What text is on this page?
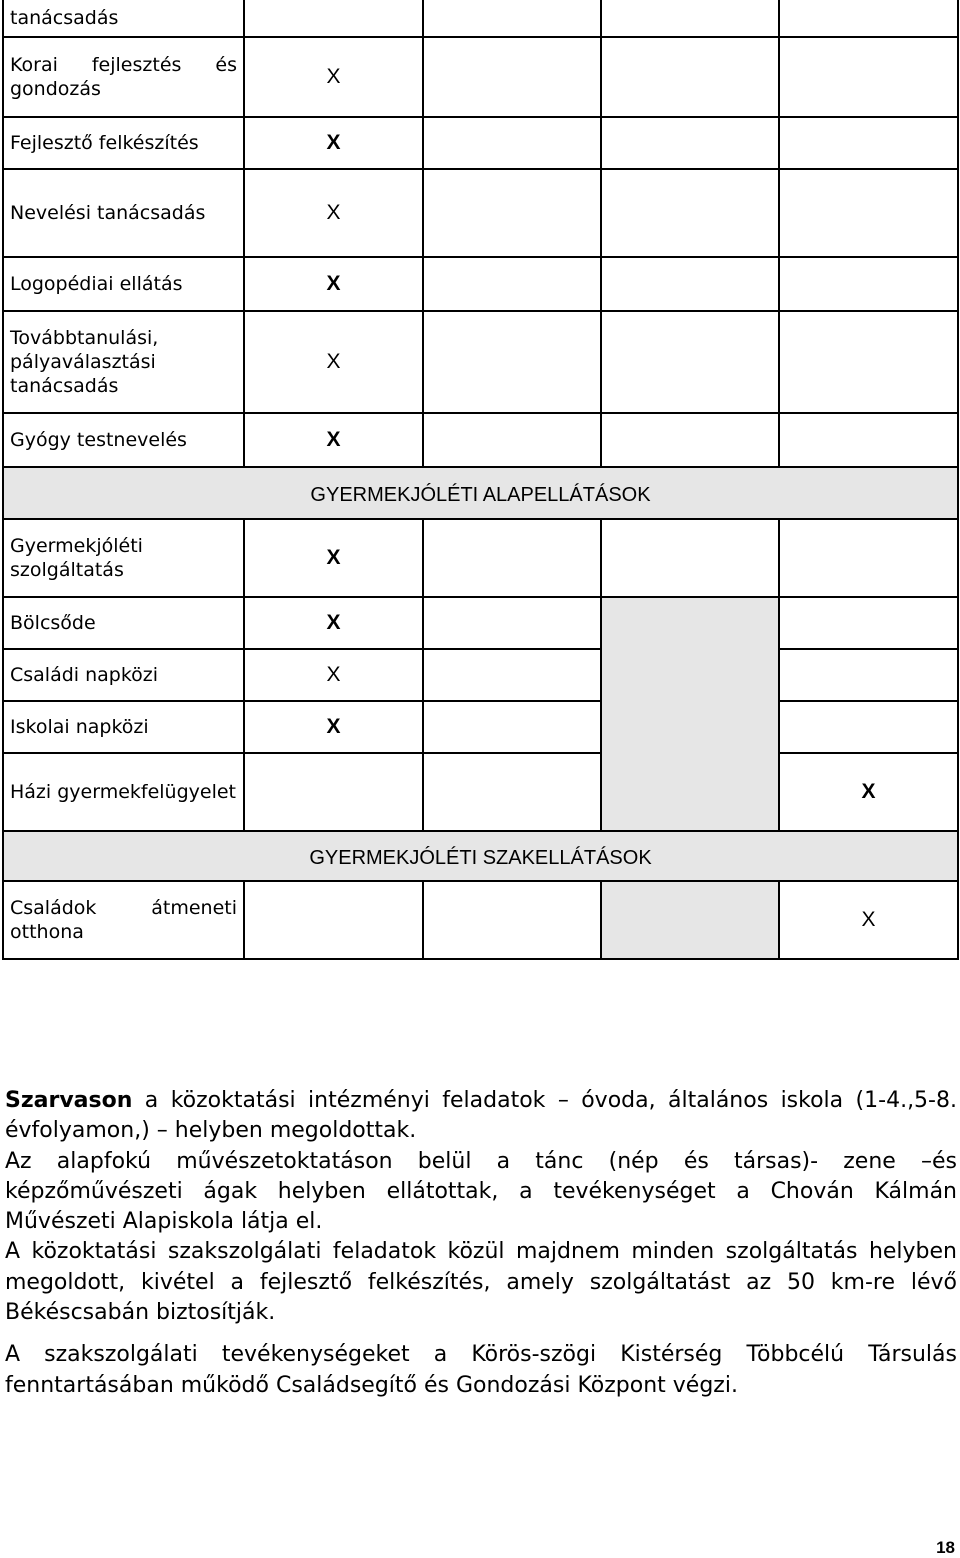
tanácsadás				
Korai fejlesztés és gondozás	X			
Fejlesztő felkészítés	X			
Nevelési tanácsadás	X			
Logopédiai ellátás	X			
Továbbtanulási, pályaválasztási tanácsadás	X			
Gyógy testnevelés	X			
GYERMEKJÓLÉTI ALAPELLÁTÁSOK				
Gyermekjóléti szolgáltatás	X			
Bölcsőde	X			
Családi napközi	X			
Iskolai napközi	X			
Házi gyermekfelügyelet				X
GYERMEKJÓLÉTI SZAKELLÁTÁSOK				

Családok átmeneti
otthona				X

Szarvason a közoktatási intézményi feladatok – óvoda, általános iskola (1-4.,5-8. évfolyamon,) – helyben megoldottak.

Az alapfokú művészetoktatáson belül a tánc (nép és társas)- zene –és képzőművészeti ágak helyben ellátottak, a tevékenységet a Chován Kálmán Művészeti Alapiskola látja el.

A közoktatási szakszolgálati feladatok közül majdnem minden szolgáltatás helyben megoldott, kivétel a fejlesztő felkészítés, amely szolgáltatást az 50 km-re lévő Békéscsabán biztosítják.

A szakszolgálati tevékenységeket a Körös-szögi Kistérség Többcélú Társulás fenntartásában működő Családsegítő és Gondozási Központ végzi.

18
